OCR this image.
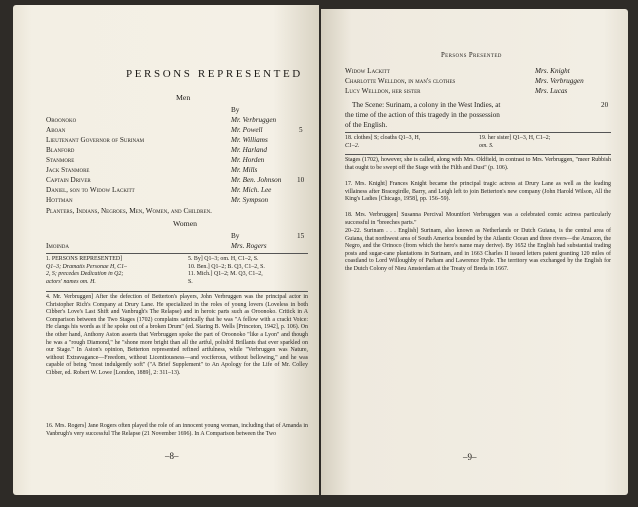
PERSONS REPRESENTED
Men
By
Oroonoko	Mr. Verbruggen
Aboan	Mr. Powell	5
Lieutenant Governor of Surinam	Mr. Williams
Blanford	Mr. Harland
Stanmore	Mr. Horden
Jack Stanmore	Mr. Mills
Captain Driver	Mr. Ben. Johnson 10
Daniel, son to Widow Lackitt	Mr. Mich. Lee
Hottman	Mr. Sympson
Planters, Indians, Negroes, Men, Women, and Children.
Women
By	15
Imoinda	Mrs. Rogers
1. PERSONS REPRESENTED]
Q1–3; Dramatis Personae H, C1–
2, S; precedes Dedication in Q2;
actors' names om. H.
5. By] Q1–3; om. H, C1–2, S.
10. Ben.] Q1–2; B. Q3, C1–2, S.
11. Mich.] Q1–2; M. Q3, C1–2,
S.
4. Mr. Verbruggen] After the defection of Betterton's players, John Verbruggen was the principal actor in Christopher Rich's Company at Drury Lane. He specialized in the roles of young lovers (Loveless in both Cibber's Love's Last Shift and Vanbrugh's The Relapse) and in heroic parts such as Oroonoko. Critick in A Comparison between the Two Stages (1702) complains satirically that he was "A fellow with a crackt Voice: He clangs his words as if he spoke out of a broken Drum" (ed. Staring B. Wells [Princeton, 1942], p. 106). On the other hand, Anthony Aston asserts that Verbruggen spoke the part of Oroonoko "like a Lyon" and though he was a "rough Diamond," he "shone more bright than all the artful, polish'd Brillants that ever sparkled on our Stage." In Aston's opinion, Betterton represented refined artfulness, while "Verbruggen was Nature, without Extravagance—Freedom, without Licentiousness—and vociferous, without bellowing," and he was capable of being "most indulgently soft" ("A Brief Supplement" to An Apology for the Life of Mr. Colley Cibber, ed. Robert W. Lowe [London, 1889], 2: 311–13).
16. Mrs. Rogers] Jane Rogers often played the role of an innocent young woman, including that of Amanda in Vanbrugh's very successful The Relapse (21 November 1696). In A Comparison between the Two
–8–
Persons Presented
Widow Lackitt	Mrs. Knight
Charlotte Welldon, in man's clothes	Mrs. Verbruggen
Lucy Welldon, her sister	Mrs. Lucas
The Scene: Surinam, a colony in the West Indies, at	20
the time of the action of this tragedy in the possession
of the English.
18. clothes] S; cloaths Q1–3, H,
C1–2.
19. her sister] Q1–3, H, C1–2;
om. S.
Stages (1702), however, she is called, along with Mrs. Oldfield, in contrast to Mrs. Verbruggen, "meer Rubbish that ought to be swept off the Stage with the Filth and Dust" (p. 106).
17. Mrs. Knight] Frances Knight became the principal tragic actress at Drury Lane as well as the leading villainess after Bracegirdle, Barry, and Leigh left to join Betterton's new company (John Harold Wilson, All the King's Ladies [Chicago, 1958], pp. 156–59).
18. Mrs. Verbruggen] Susanna Percival Mountfort Verbruggen was a celebrated comic actress particularly successful in "breeches parts."
20–22. Surinam . . . English] Surinam, also known as Netherlands or Dutch Guiana, is the central area of Guiana, that northwest area of South America bounded by the Atlantic Ocean and three rivers—the Amazon, the Negro, and the Orinoco (from which the hero's name may derive). By 1652 the English had substantial trading posts and sugar-cane plantations in Surinam, and in 1663 Charles II issued letters patent granting 120 miles of coastland to Lord Willoughby of Parham and Lawrence Hyde. The territory was exchanged by the English for the Dutch Colony of Nieu Amsterdam at the Treaty of Breda in 1667.
–9–
